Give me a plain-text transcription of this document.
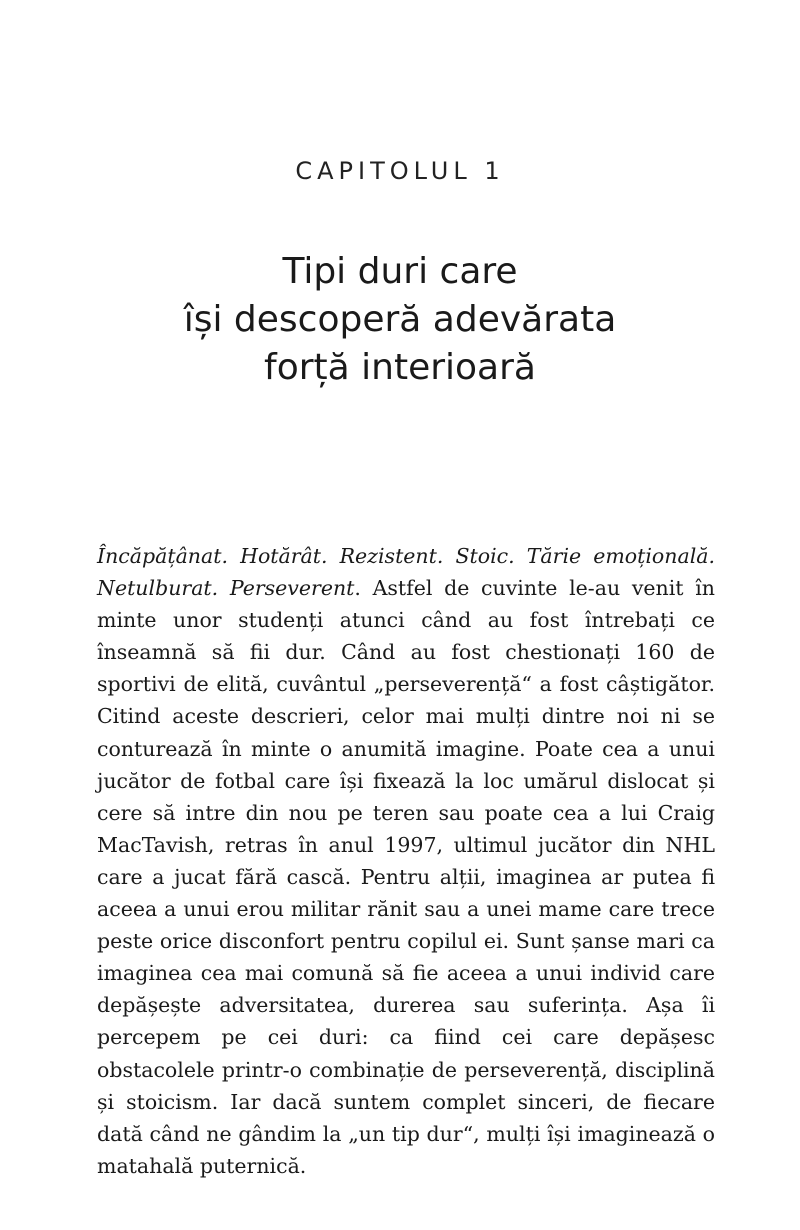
CAPITOLUL 1
Tipi duri care
își descoperă adevărata
forță interioară

Încăpățânat. Hotărât. Rezistent. Stoic. Tărie emoțională. Netulburat. Perseverent. Astfel de cuvinte le-au venit în minte unor studenți atunci când au fost întrebați ce înseamnă să fii dur. Când au fost chestionați 160 de sportivi de elită, cuvântul „perseverență“ a fost câștigător. Citind aceste descrieri, celor mai mulți dintre noi ni se conturează în minte o anumită imagine. Poate cea a unui jucător de fotbal care își fixează la loc umărul dislocat și cere să intre din nou pe teren sau poate cea a lui Craig MacTavish, retras în anul 1997, ultimul jucător din NHL care a jucat fără cască. Pentru alții, imaginea ar putea fi aceea a unui erou militar rănit sau a unei mame care trece peste orice disconfort pentru copilul ei. Sunt șanse mari ca imaginea cea mai comună să fie aceea a unui individ care depășește adversitatea, durerea sau suferința. Așa îi percepem pe cei duri: ca fiind cei care depășesc obstacolele printr-o combinație de perseverență, disciplină și stoicism. Iar dacă suntem complet sinceri, de fiecare dată când ne gândim la „un tip dur“, mulți își imaginează o matahală puternică.
